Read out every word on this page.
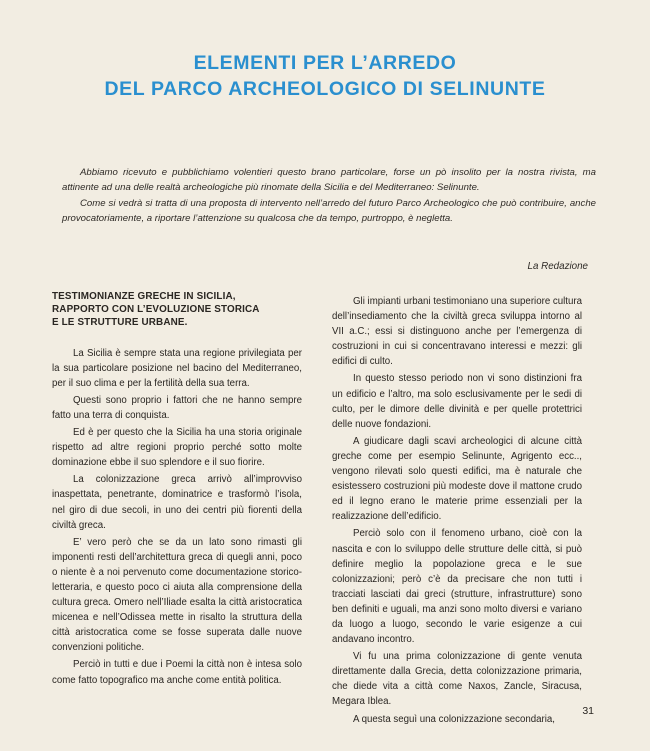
ELEMENTI PER L’ARREDO
DEL PARCO ARCHEOLOGICO DI SELINUNTE

Abbiamo ricevuto e pubblichiamo volentieri questo brano particolare, forse un pò insolito per la nostra rivista, ma attinente ad una delle realtà archeologiche più rinomate della Sicilia e del Mediterraneo: Selinunte.

Come si vedrà si tratta di una proposta di intervento nell’arredo del futuro Parco Archeologico che può contribuire, anche provocatoriamente, a riportare l’attenzione su qualcosa che da tempo, purtroppo, è negletta.

La Redazione
TESTIMONIANZE GRECHE IN SICILIA,
RAPPORTO CON L’EVOLUZIONE STORICA
E LE STRUTTURE URBANE.

La Sicilia è sempre stata una regione privilegiata per la sua particolare posizione nel bacino del Mediterraneo, per il suo clima e per la fertilità della sua terra.

Questi sono proprio i fattori che ne hanno sempre fatto una terra di conquista.

Ed è per questo che la Sicilia ha una storia originale rispetto ad altre regioni proprio perché sotto molte dominazione ebbe il suo splendore e il suo fiorire.

La colonizzazione greca arrivò all’improvviso inaspettata, penetrante, dominatrice e trasformò l’isola, nel giro di due secoli, in uno dei centri più fiorenti della civiltà greca.

E’ vero però che se da un lato sono rimasti gli imponenti resti dell’architettura greca di quegli anni, poco o niente è a noi pervenuto come documentazione storico-letteraria, e questo poco ci aiuta alla comprensione della cultura greca. Omero nell’Iliade esalta la città aristocratica micenea e nell’Odissea mette in risalto la struttura della città aristocratica come se fosse superata dalle nuove convenzioni politiche.

Perciò in tutti e due i Poemi la città non è intesa solo come fatto topografico ma anche come entità politica.

Gli impianti urbani testimoniano una superiore cultura dell’insediamento che la civiltà greca sviluppa intorno al VII a.C.; essi si distinguono anche per l’emergenza di costruzioni in cui si concentravano interessi e mezzi: gli edifici di culto.

In questo stesso periodo non vi sono distinzioni fra un edificio e l’altro, ma solo esclusivamente per le sedi di culto, per le dimore delle divinità e per quelle protettrici delle nuove fondazioni.

A giudicare dagli scavi archeologici di alcune città greche come per esempio Selinunte, Agrigento ecc.., vengono rilevati solo questi edifici, ma è naturale che esistessero costruzioni più modeste dove il mattone crudo ed il legno erano le materie prime essenziali per la realizzazione dell’edificio.

Perciò solo con il fenomeno urbano, cioè con la nascita e con lo sviluppo delle strutture delle città, si può definire meglio la popolazione greca e le sue colonizzazioni; però c’è da precisare che non tutti i tracciati lasciati dai greci (strutture, infrastrutture) sono ben definiti e uguali, ma anzi sono molto diversi e variano da luogo a luogo, secondo le varie esigenze a cui andavano incontro.

Vi fu una prima colonizzazione di gente venuta direttamente dalla Grecia, detta colonizzazione primaria, che diede vita a città come Naxos, Zancle, Siracusa, Megara Iblea.

A questa seguì una colonizzazione secondaria,

31
